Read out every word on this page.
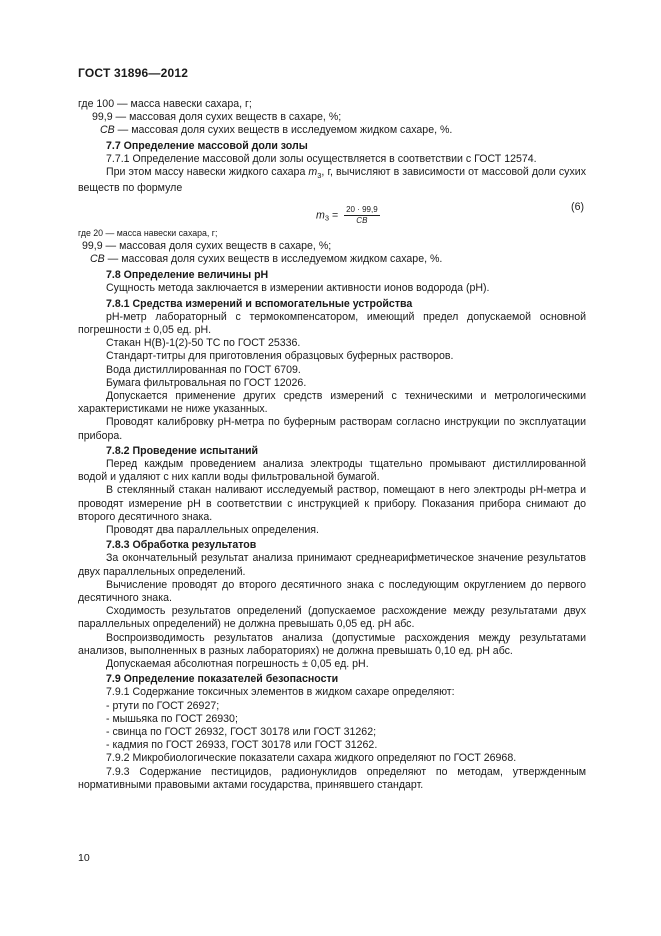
ГОСТ 31896—2012
где 100 — масса навески сахара, г;
99,9 — массовая доля сухих веществ в сахаре, %;
CB — массовая доля сухих веществ в исследуемом жидком сахаре, %.
7.7 Определение массовой доли золы
7.7.1 Определение массовой доли золы осуществляется в соответствии с ГОСТ 12574.
При этом массу навески жидкого сахара $m_3$, г, вычисляют в зависимости от массовой доли сухих веществ по формуле
$m_3 = \frac{20 \cdot 99,9}{CB}$	(6)
где 20 — масса навески сахара, г;
99,9 — массовая доля сухих веществ в сахаре, %;
CB — массовая доля сухих веществ в исследуемом жидком сахаре, %.
7.8 Определение величины pH
Сущность метода заключается в измерении активности ионов водорода (pH).
7.8.1 Средства измерений и вспомогательные устройства
pH-метр лабораторный с термокомпенсатором, имеющий предел допускаемой основной погрешности ± 0,05 ед. pH.
Стакан Н(В)-1(2)-50 ТС по ГОСТ 25336.
Стандарт-титры для приготовления образцовых буферных растворов.
Вода дистиллированная по ГОСТ 6709.
Бумага фильтровальная по ГОСТ 12026.
Допускается применение других средств измерений с техническими и метрологическими характеристиками не ниже указанных.
Проводят калибровку pH-метра по буферным растворам согласно инструкции по эксплуатации прибора.
7.8.2 Проведение испытаний
Перед каждым проведением анализа электроды тщательно промывают дистиллированной водой и удаляют с них капли воды фильтровальной бумагой.
В стеклянный стакан наливают исследуемый раствор, помещают в него электроды pH-метра и проводят измерение pH в соответствии с инструкцией к прибору. Показания прибора снимают до второго десятичного знака.
Проводят два параллельных определения.
7.8.3 Обработка результатов
За окончательный результат анализа принимают среднеарифметическое значение результатов двух параллельных определений.
Вычисление проводят до второго десятичного знака с последующим округлением до первого десятичного знака.
Сходимость результатов определений (допускаемое расхождение между результатами двух параллельных определений) не должна превышать 0,05 ед. pH абс.
Воспроизводимость результатов анализа (допустимые расхождения между результатами анализов, выполненных в разных лабораториях) не должна превышать 0,10 ед. pH абс.
Допускаемая абсолютная погрешность ± 0,05 ед. pH.
7.9 Определение показателей безопасности
7.9.1 Содержание токсичных элементов в жидком сахаре определяют:
- ртути по ГОСТ 26927;
- мышьяка по ГОСТ 26930;
- свинца по ГОСТ 26932, ГОСТ 30178 или ГОСТ 31262;
- кадмия по ГОСТ 26933, ГОСТ 30178 или ГОСТ 31262.
7.9.2 Микробиологические показатели сахара жидкого определяют по ГОСТ 26968.
7.9.3 Содержание пестицидов, радионуклидов определяют по методам, утвержденным нормативными правовыми актами государства, принявшего стандарт.
10
